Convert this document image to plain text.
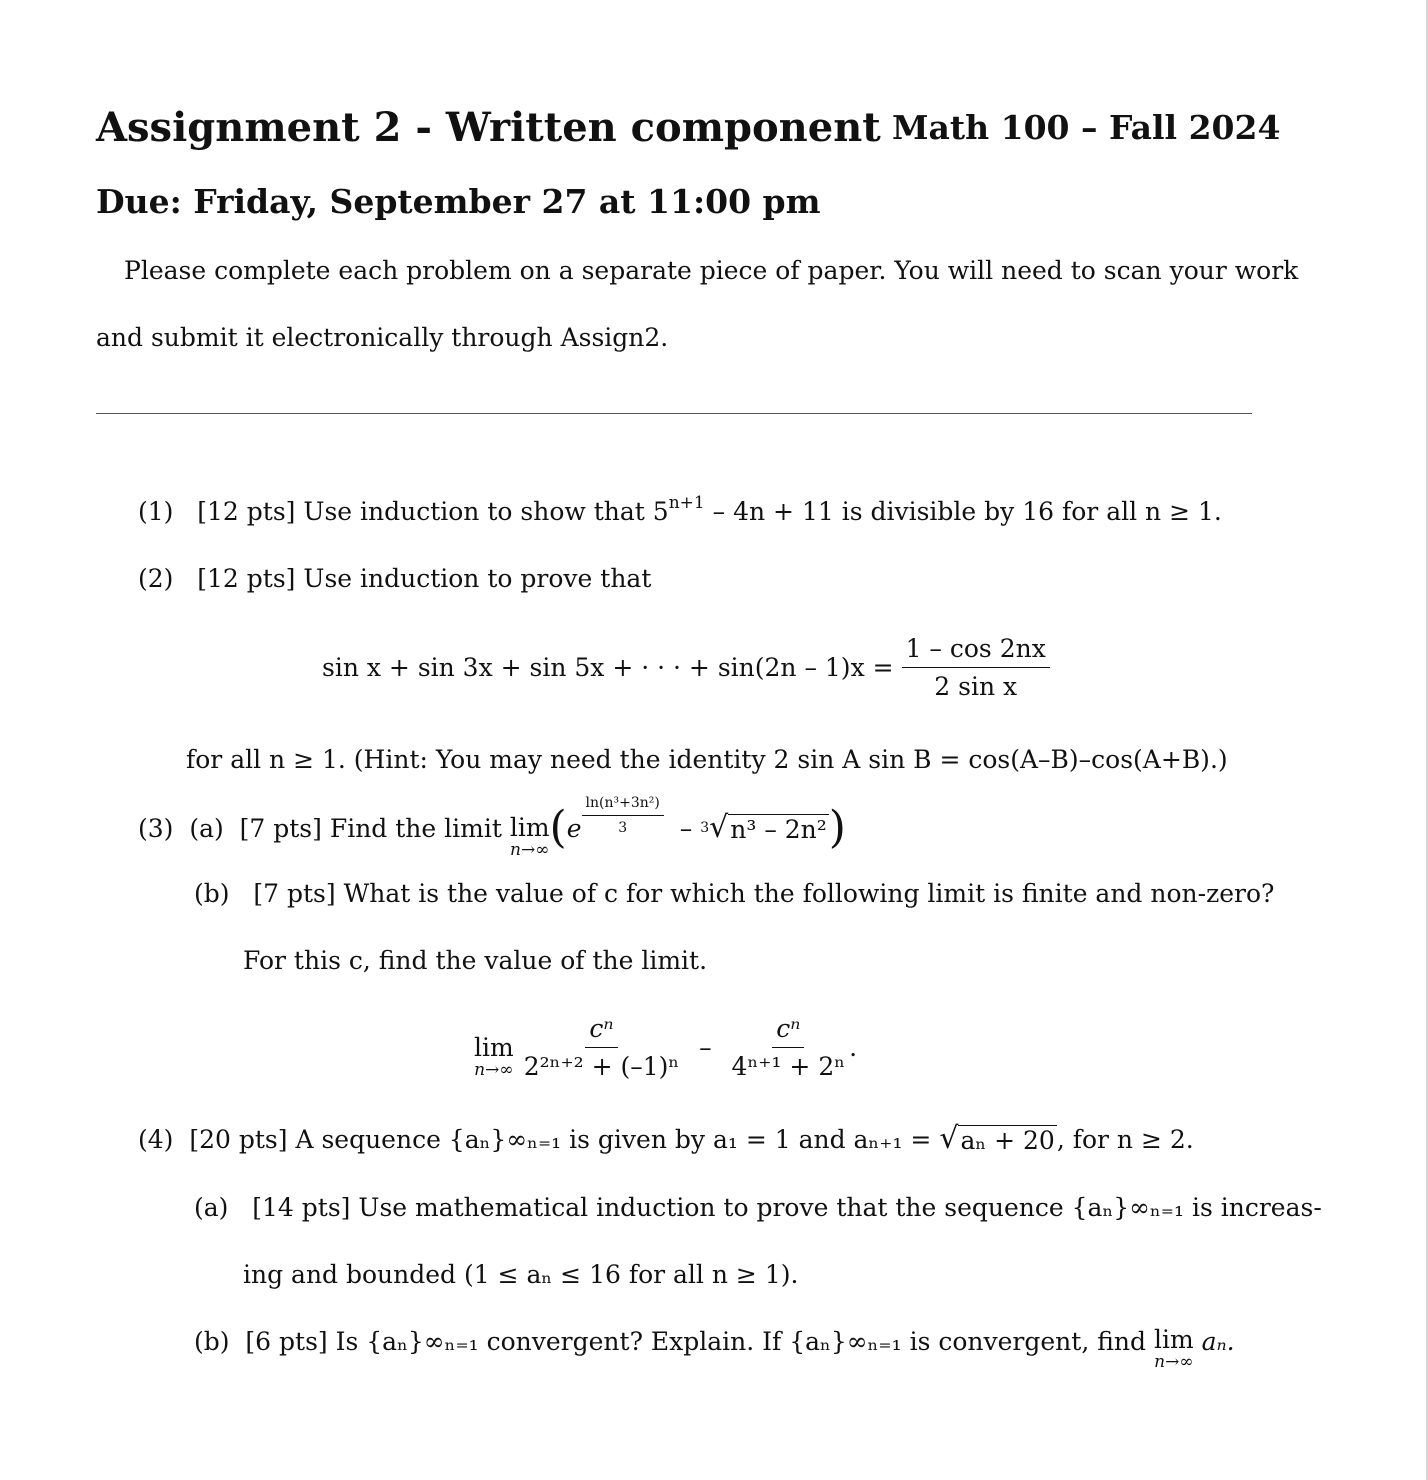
Assignment 2 - Written component Math 100 – Fall 2024
Due: Friday, September 27 at 11:00 pm
Please complete each problem on a separate piece of paper. You will need to scan your work
and submit it electronically through Assign2.
(1) [12 pts] Use induction to show that $5^{n+1} - 4n + 11$ is divisible by 16 for all n ≥ 1.
(2) [12 pts] Use induction to prove that
sin x + sin 3x + sin 5x + · · · + $\sin(2n - 1)x = \frac{1 - \cos 2nx}{\text{2 sin x}}$
for all n ≥ 1. (Hint: You may need the identity 2 sin A sin B = cos(A–B)–cos(A+B).)
(3)
(a)
[7 pts]
Find the limit
lim
n→∞ ( e $\frac{\text{ln(n³+3n²)}}{3}$
–
3 √ n³ – 2n² )
(b) [7 pts] What is the value of c for which the following limit is finite and non-zero?
For this c, find the value of the limit.
lim
$n\to\infty \frac{\text{cⁿ}}{\text{2²ⁿ⁺² + (–1)ⁿ}}$
–
$\frac{\text{cⁿ}}{\text{4ⁿ⁺¹ + 2ⁿ}}$ .
(4)
[20 pts]
A sequence {aₙ}∞ₙ₌₁ is given by a₁ = 1 and aₙ₊₁ =
√ aₙ + 20 , for n ≥ 2.
(a) [14 pts] Use mathematical induction to prove that the sequence {aₙ}∞ₙ₌₁ is increas-
ing and bounded (1 ≤ aₙ ≤ 16 for all n ≥ 1).
(b)
[6 pts]
Is {aₙ}∞ₙ₌₁ convergent? Explain. If {aₙ}∞ₙ₌₁ is convergent, find
lim
n→∞

aₙ.
